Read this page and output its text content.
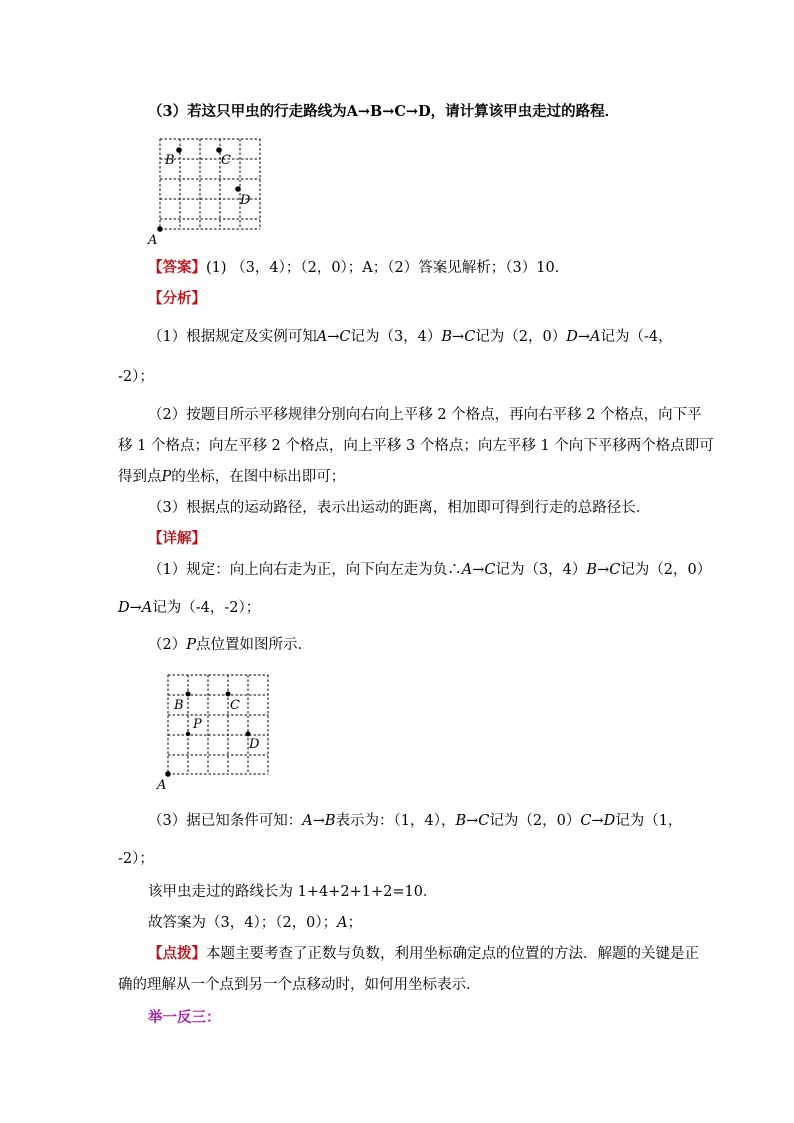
（3）若这只甲虫的行走路线为A→B→C→D，请计算该甲虫走过的路程．
A
B	C
D
【答案】(1) （3，4）；（2，0）；A；（2）答案见解析；（3）10．
【分析】
（1）根据规定及实例可知A→C记为（3，4）B→C记为（2，0）D→A记为（-4，
-2）；
（2）按题目所示平移规律分别向右向上平移 2 个格点，再向右平移 2 个格点，向下平
移 1 个格点；向左平移 2 个格点，向上平移 3 个格点；向左平移 1 个向下平移两个格点即可
得到点P的坐标，在图中标出即可；
（3）根据点的运动路径，表示出运动的距离，相加即可得到行走的总路径长．
【详解】
（1）规定：向上向右走为正，向下向左走为负∴A→C记为（3，4）B→C记为（2，0）
D→A记为（-4，-2）；
（2）P点位置如图所示．
A
B	C
P
D
（3）据已知条件可知：A→B表示为：（1，4），B→C记为（2，0）C→D记为（1，
-2）；
该甲虫走过的路线长为 1+4+2+1+2=10．
故答案为（3，4）；（2，0）；A；
【点拨】本题主要考查了正数与负数，利用坐标确定点的位置的方法．解题的关键是正
确的理解从一个点到另一个点移动时，如何用坐标表示．
举一反三：
